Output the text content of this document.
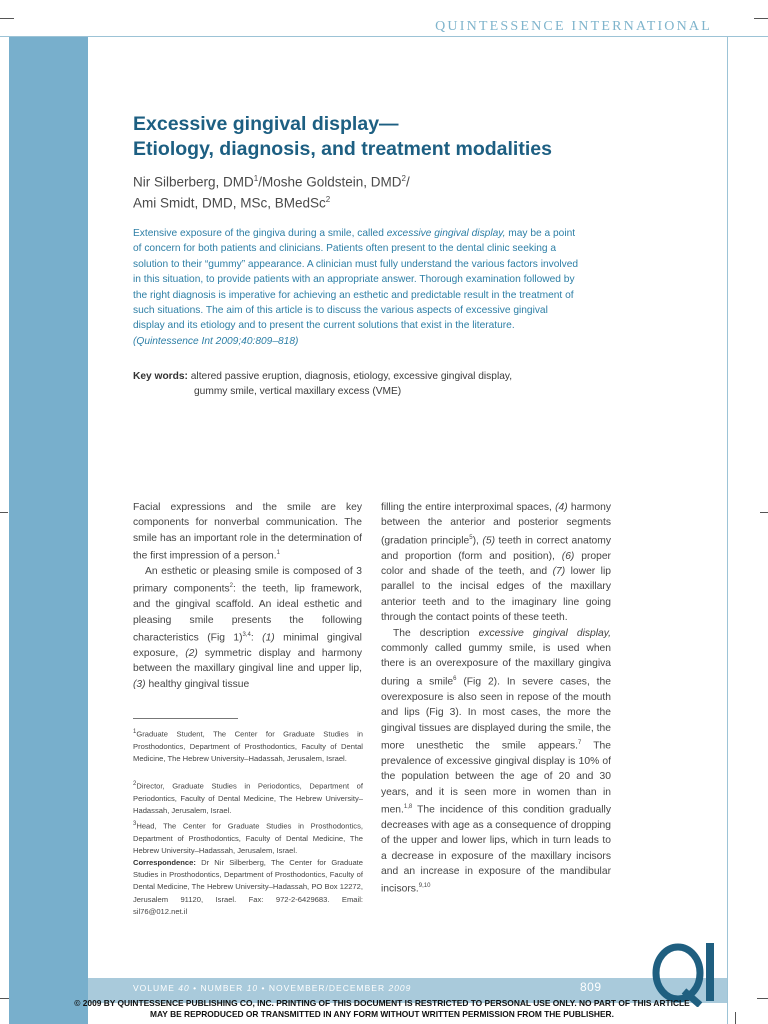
QUINTESSENCE INTERNATIONAL
Excessive gingival display—
Etiology, diagnosis, and treatment modalities
Nir Silberberg, DMD$^1$/Moshe Goldstein, DMD$^2$/
Ami Smidt, DMD, MSc, BMedSc$^2$

Extensive exposure of the gingiva during a smile, called excessive gingival display, may be a point of concern for both patients and clinicians. Patients often present to the dental clinic seeking a solution to their “gummy” appearance. A clinician must fully understand the various factors involved in this situation, to provide patients with an appropriate answer. Thorough examination followed by the right diagnosis is imperative for achieving an esthetic and predictable result in the treatment of such situations. The aim of this article is to discuss the various aspects of excessive gingival display and its etiology and to present the current solutions that exist in the literature. (Quintessence Int 2009;40:809–818)

Key words: altered passive eruption, diagnosis, etiology, excessive gingival display,

gummy smile, vertical maxillary excess (VME)

Facial expressions and the smile are key components for nonverbal communication. The smile has an important role in the determination of the first impression of a person.$^1$

An esthetic or pleasing smile is composed of 3 primary components$^2$: the teeth, lip framework, and the gingival scaffold. An ideal esthetic and pleasing smile presents the following characteristics (Fig 1)$^{3,4}$: (1) minimal gingival exposure, (2) symmetric display and harmony between the maxillary gingival line and upper lip, (3) healthy gingival tissue

$^1$Graduate Student, The Center for Graduate Studies in Prosthodontics, Department of Prosthodontics, Faculty of Dental Medicine, The Hebrew University–Hadassah, Jerusalem, Israel.

$^2$Director, Graduate Studies in Periodontics, Department of Periodontics, Faculty of Dental Medicine, The Hebrew University–Hadassah, Jerusalem, Israel.

$^3$Head, The Center for Graduate Studies in Prosthodontics, Department of Prosthodontics, Faculty of Dental Medicine, The Hebrew University–Hadassah, Jerusalem, Israel.

Correspondence: Dr Nir Silberberg, The Center for Graduate Studies in Prosthodontics, Department of Prosthodontics, Faculty of Dental Medicine, The Hebrew University–Hadassah, PO Box 12272, Jerusalem 91120, Israel. Fax: 972-2-6429683. Email: sil76@012.net.il

filling the entire interproximal spaces, (4) harmony between the anterior and posterior segments (gradation principle$^5$), (5) teeth in correct anatomy and proportion (form and position), (6) proper color and shade of the teeth, and (7) lower lip parallel to the incisal edges of the maxillary anterior teeth and to the imaginary line going through the contact points of these teeth.

The description excessive gingival display, commonly called gummy smile, is used when there is an overexposure of the maxillary gingiva during a smile$^6$ (Fig 2). In severe cases, the overexposure is also seen in repose of the mouth and lips (Fig 3). In most cases, the more the gingival tissues are displayed during the smile, the more unesthetic the smile appears.$^7$ The prevalence of excessive gingival display is 10% of the population between the age of 20 and 30 years, and it is seen more in women than in men.$^{1,8}$ The incidence of this condition gradually decreases with age as a consequence of dropping of the upper and lower lips, which in turn leads to a decrease in exposure of the maxillary incisors and an increase in exposure of the mandibular incisors.$^{9,10}$

VOLUME 40 • NUMBER 10 • NOVEMBER/DECEMBER 2009	809
© 2009 BY QUINTESSENCE PUBLISHING CO, INC. PRINTING OF THIS DOCUMENT IS RESTRICTED TO PERSONAL USE ONLY. NO PART OF THIS ARTICLE
MAY BE REPRODUCED OR TRANSMITTED IN ANY FORM WITHOUT WRITTEN PERMISSION FROM THE PUBLISHER.
